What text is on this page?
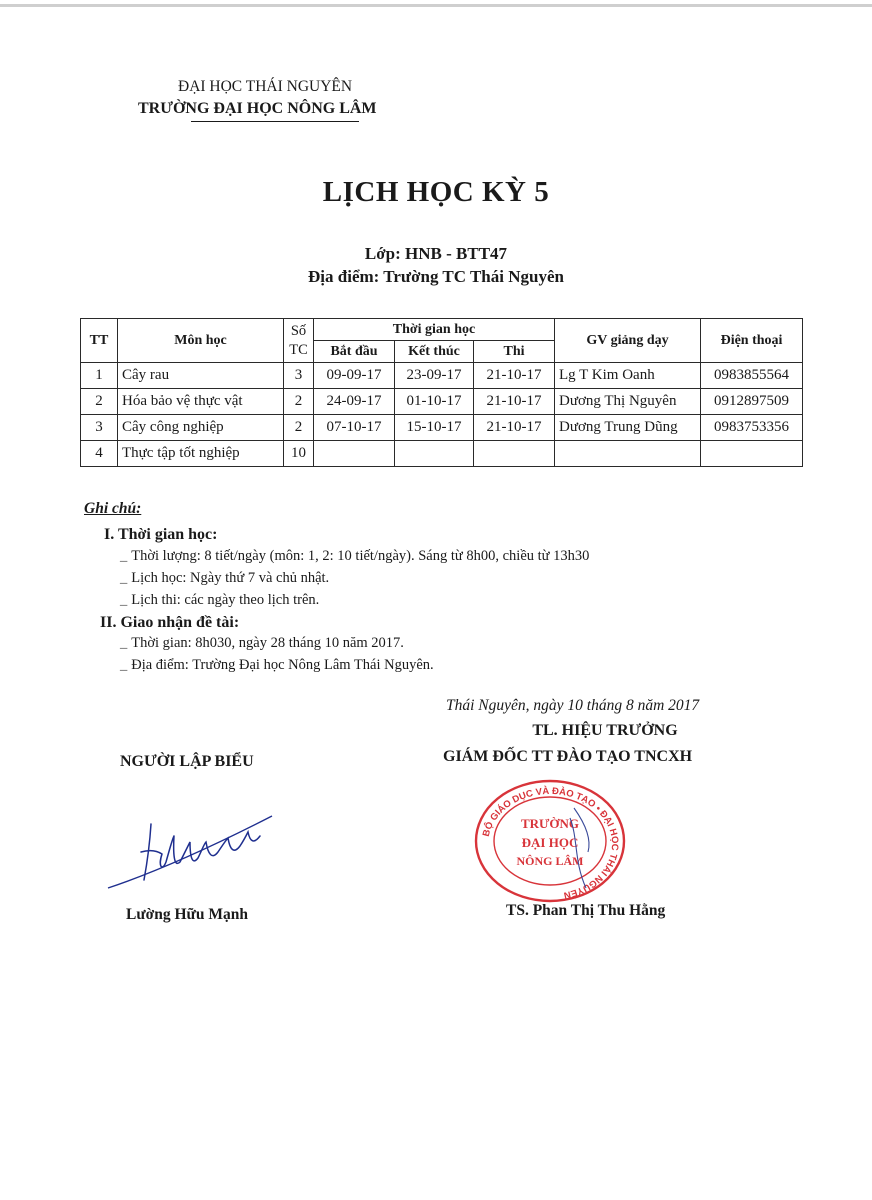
ĐẠI HỌC THÁI NGUYÊN
TRƯỜNG ĐẠI HỌC NÔNG LÂM
LỊCH HỌC KỲ 5
Lớp: HNB - BTT47
Địa điểm: Trường TC Thái Nguyên
TT	Môn học	Số TC	Thời gian học			GV giảng dạy	Điện thoại
			Bắt đầu	Kết thúc	Thi		
1	Cây rau	3	09-09-17	23-09-17	21-10-17	Lg T Kim Oanh	0983855564
2	Hóa bảo vệ thực vật	2	24-09-17	01-10-17	21-10-17	Dương Thị Nguyên	0912897509
3	Cây công nghiệp	2	07-10-17	15-10-17	21-10-17	Dương Trung Dũng	0983753356
4	Thực tập tốt nghiệp	10					
Ghi chú:
I. Thời gian học:
_ Thời lượng: 8 tiết/ngày (môn: 1, 2: 10 tiết/ngày). Sáng từ 8h00, chiều từ 13h30
_ Lịch học: Ngày thứ 7 và chủ nhật.
_ Lịch thi: các ngày theo lịch trên.
II. Giao nhận đề tài:
_ Thời gian: 8h030, ngày 28 tháng 10 năm 2017.
_ Địa điểm: Trường Đại học Nông Lâm Thái Nguyên.
Thái Nguyên, ngày 10 tháng 8 năm 2017
TL. HIỆU TRƯỞNG
GIÁM ĐỐC TT ĐÀO TẠO TNCXH
NGƯỜI LẬP BIỂU
Lường Hữu Mạnh	TS. Phan Thị Thu Hằng
BỘ GIÁO DỤC VÀ ĐÀO TẠO • ĐẠI HỌC THÁI NGUYÊN
TRƯỜNG
ĐẠI HỌC
NÔNG LÂM
